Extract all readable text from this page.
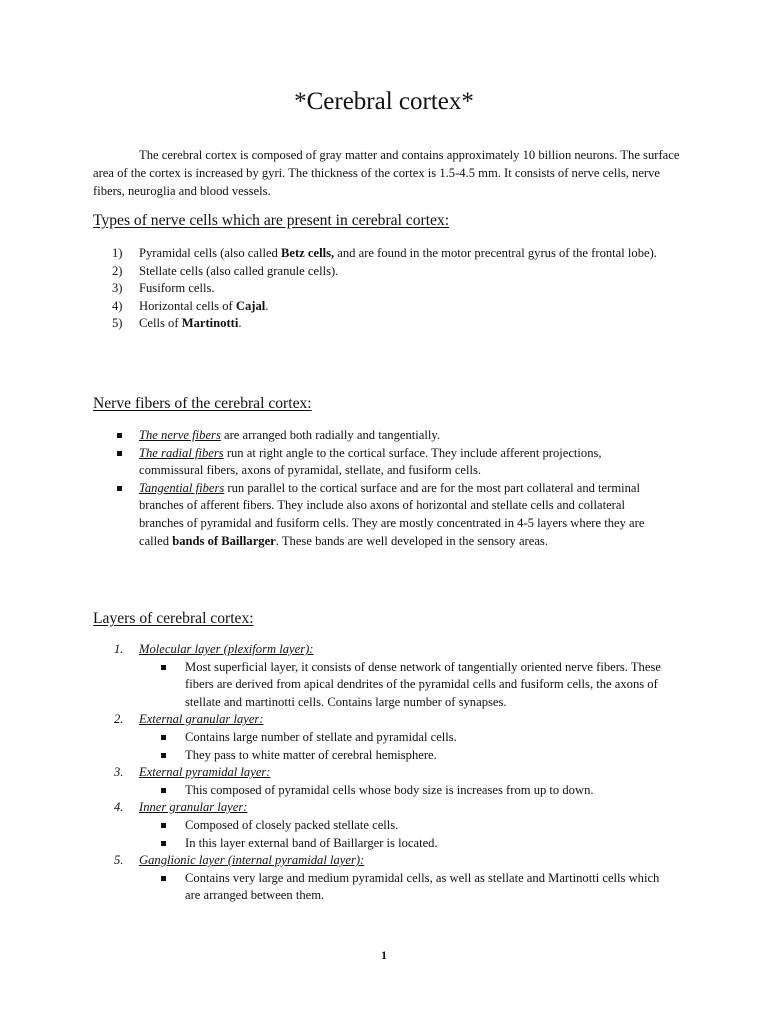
*Cerebral cortex*

The cerebral cortex is composed of gray matter and contains approximately 10 billion neurons. The surface area of the cortex is increased by gyri. The thickness of the cortex is 1.5-4.5 mm. It consists of nerve cells, nerve fibers, neuroglia and blood vessels.

Types of nerve cells which are present in cerebral cortex:
1) Pyramidal cells (also called Betz cells, and are found in the motor precentral gyrus of the frontal lobe).
2) Stellate cells (also called granule cells).
3) Fusiform cells.
4) Horizontal cells of Cajal.
5) Cells of Martinotti.
Nerve fibers of the cerebral cortex:
The nerve fibers are arranged both radially and tangentially.
The radial fibers run at right angle to the cortical surface. They include afferent projections, commissural fibers, axons of pyramidal, stellate, and fusiform cells.
Tangential fibers run parallel to the cortical surface and are for the most part collateral and terminal branches of afferent fibers. They include also axons of horizontal and stellate cells and collateral branches of pyramidal and fusiform cells. They are mostly concentrated in 4-5 layers where they are called bands of Baillarger. These bands are well developed in the sensory areas.
Layers of cerebral cortex:
1. Molecular layer (plexiform layer):
Most superficial layer, it consists of dense network of tangentially oriented nerve fibers. These fibers are derived from apical dendrites of the pyramidal cells and fusiform cells, the axons of stellate and martinotti cells. Contains large number of synapses.
2. External granular layer:
Contains large number of stellate and pyramidal cells.
They pass to white matter of cerebral hemisphere.
3. External pyramidal layer:
This composed of pyramidal cells whose body size is increases from up to down.
4. Inner granular layer:
Composed of closely packed stellate cells.
In this layer external band of Baillarger is located.
5. Ganglionic layer (internal pyramidal layer):
Contains very large and medium pyramidal cells, as well as stellate and Martinotti cells which are arranged between them.
1
